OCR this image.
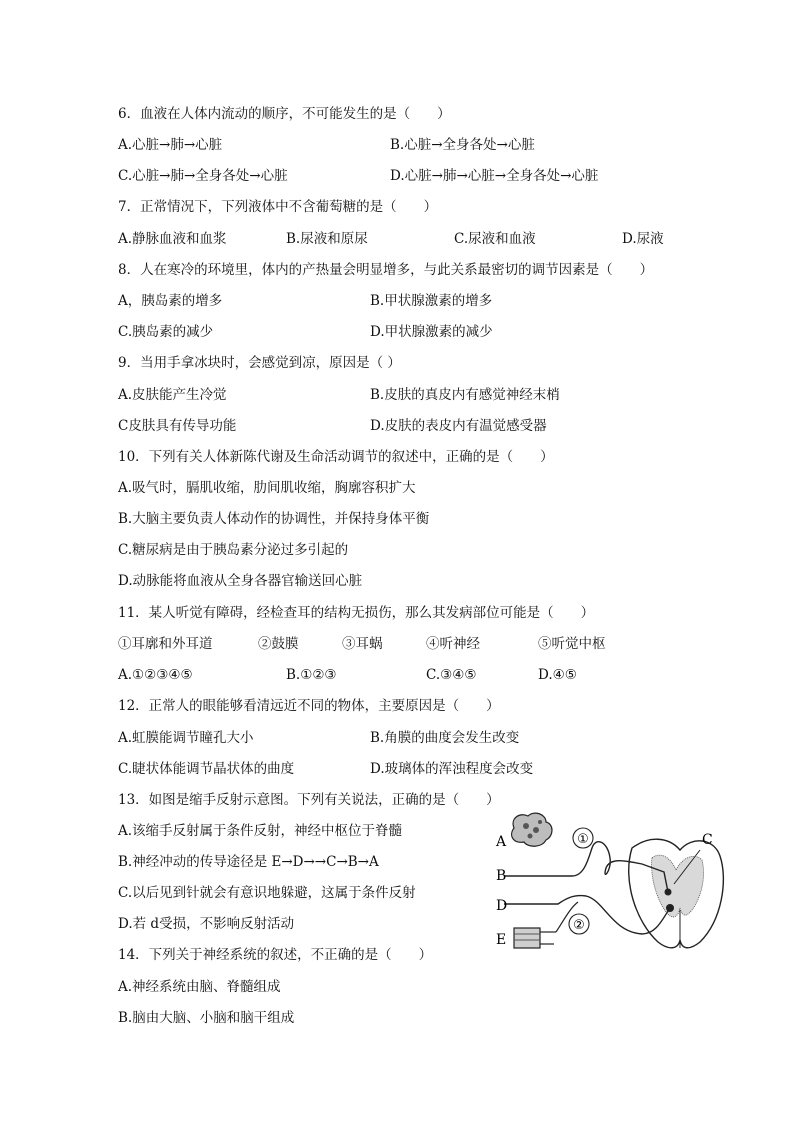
6．血液在人体内流动的顺序，不可能发生的是（　　）
A.心脏→肺→心脏	B.心脏→全身各处→心脏
C.心脏→肺→全身各处→心脏	D.心脏→肺→心脏→全身各处→心脏
7．正常情况下，下列液体中不含葡萄糖的是（　　）
A.静脉血液和血浆	B.尿液和原尿	C.尿液和血液	D.尿液
8．人在寒冷的环境里，体内的产热量会明显增多，与此关系最密切的调节因素是（　　）
A，胰岛素的增多	B.甲状腺激素的增多
C.胰岛素的减少	D.甲状腺激素的减少
9．当用手拿冰块时，会感觉到凉，原因是（ ）
A.皮肤能产生冷觉	B.皮肤的真皮内有感觉神经末梢
C皮肤具有传导功能	D.皮肤的表皮内有温觉感受器
10．下列有关人体新陈代谢及生命活动调节的叙述中，正确的是（　　）
A.吸气时，膈肌收缩，肋间肌收缩，胸廓容积扩大
B.大脑主要负责人体动作的协调性，并保持身体平衡
C.糖尿病是由于胰岛素分泌过多引起的
D.动脉能将血液从全身各器官输送回心脏
11．某人听觉有障碍，经检查耳的结构无损伤，那么其发病部位可能是（　　）
①耳廓和外耳道	②鼓膜	③耳蜗	④听神经	⑤听觉中枢
A.①②③④⑤	B.①②③	C.③④⑤	D.④⑤
12．正常人的眼能够看清远近不同的物体，主要原因是（　　）
A.虹膜能调节瞳孔大小	B.角膜的曲度会发生改变
C.睫状体能调节晶状体的曲度	D.玻璃体的浑浊程度会改变
13．如图是缩手反射示意图。下列有关说法，正确的是（　　）
A.该缩手反射属于条件反射，神经中枢位于脊髓
B.神经冲动的传导途径是 E→D→→C→B→A
C.以后见到针就会有意识地躲避，这属于条件反射
D.若 d受损，不影响反射活动
14．下列关于神经系统的叙述，不正确的是（　　）
A.神经系统由脑、脊髓组成
B.脑由大脑、小脑和脑干组成
A
B
C
D
E
①
②
